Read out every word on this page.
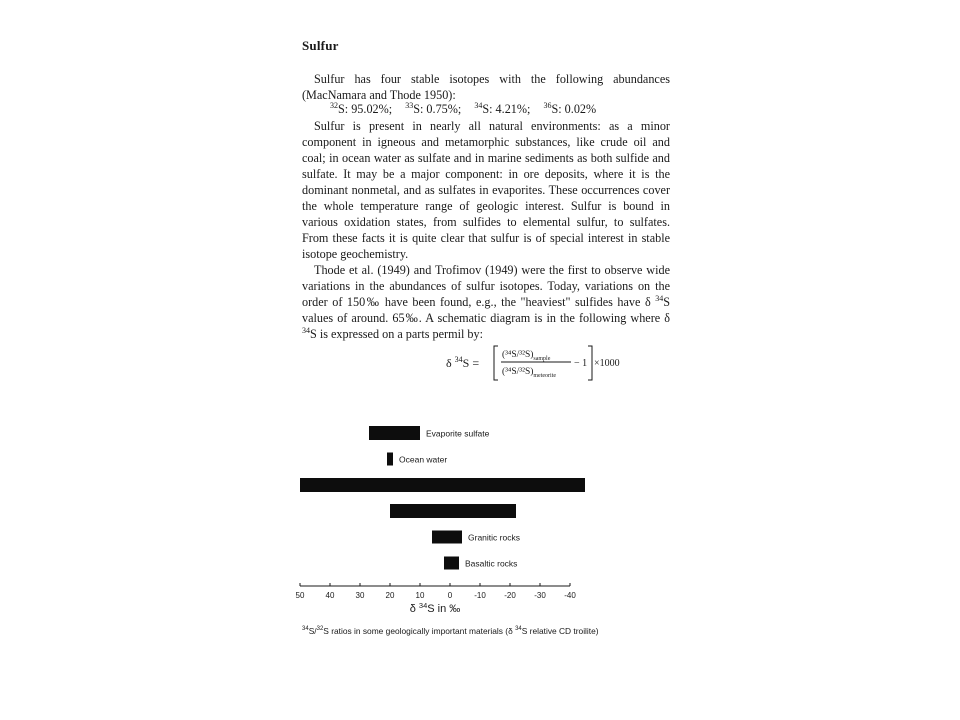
Sulfur

Sulfur has four stable isotopes with the following abundances (MacNamara and Thode 1950):

$^{32}$S: 95.02%; $^{33}$S: 0.75%; $^{34}$S: 4.21%; $^{36}$S: 0.02%

Sulfur is present in nearly all natural environments: as a minor component in igneous and metamorphic substances, like crude oil and coal; in ocean water as sulfate and in marine sediments as both sulfide and sulfate. It may be a major component: in ore deposits, where it is the dominant nonmetal, and as sulfates in evaporites. These occurrences cover the whole temperature range of geologic interest. Sulfur is bound in various oxidation states, from sulfides to elemental sulfur, to sulfates. From these facts it is quite clear that sulfur is of special interest in stable isotope geochemistry.

Thode et al. (1949) and Trofimov (1949) were the first to observe wide variations in the abundances of sulfur isotopes. Today, variations on the order of 150‰ have been found, e.g., the "heaviest" sulfides have δ $^{34}$S values of around. 65‰. A schematic diagram is in the following where δ $^{34}$S is expressed on a parts permil by:

δ $^{34}$S =
$(^{34}S/^{32}S)_{sample}$
$(^{34}S/^{32}S)_{meteorite}$
− 1 ×1000
Evaporite sulfate
Ocean water
Granitic rocks
Basaltic rocks
50	40	30	20	10	0	-10 -20 -30 -40
δ $^{34}$S in ‰
$^{34}$S/$^{32}$S ratios in some geologically important materials (δ $^{34}$S relative CD troilite)
